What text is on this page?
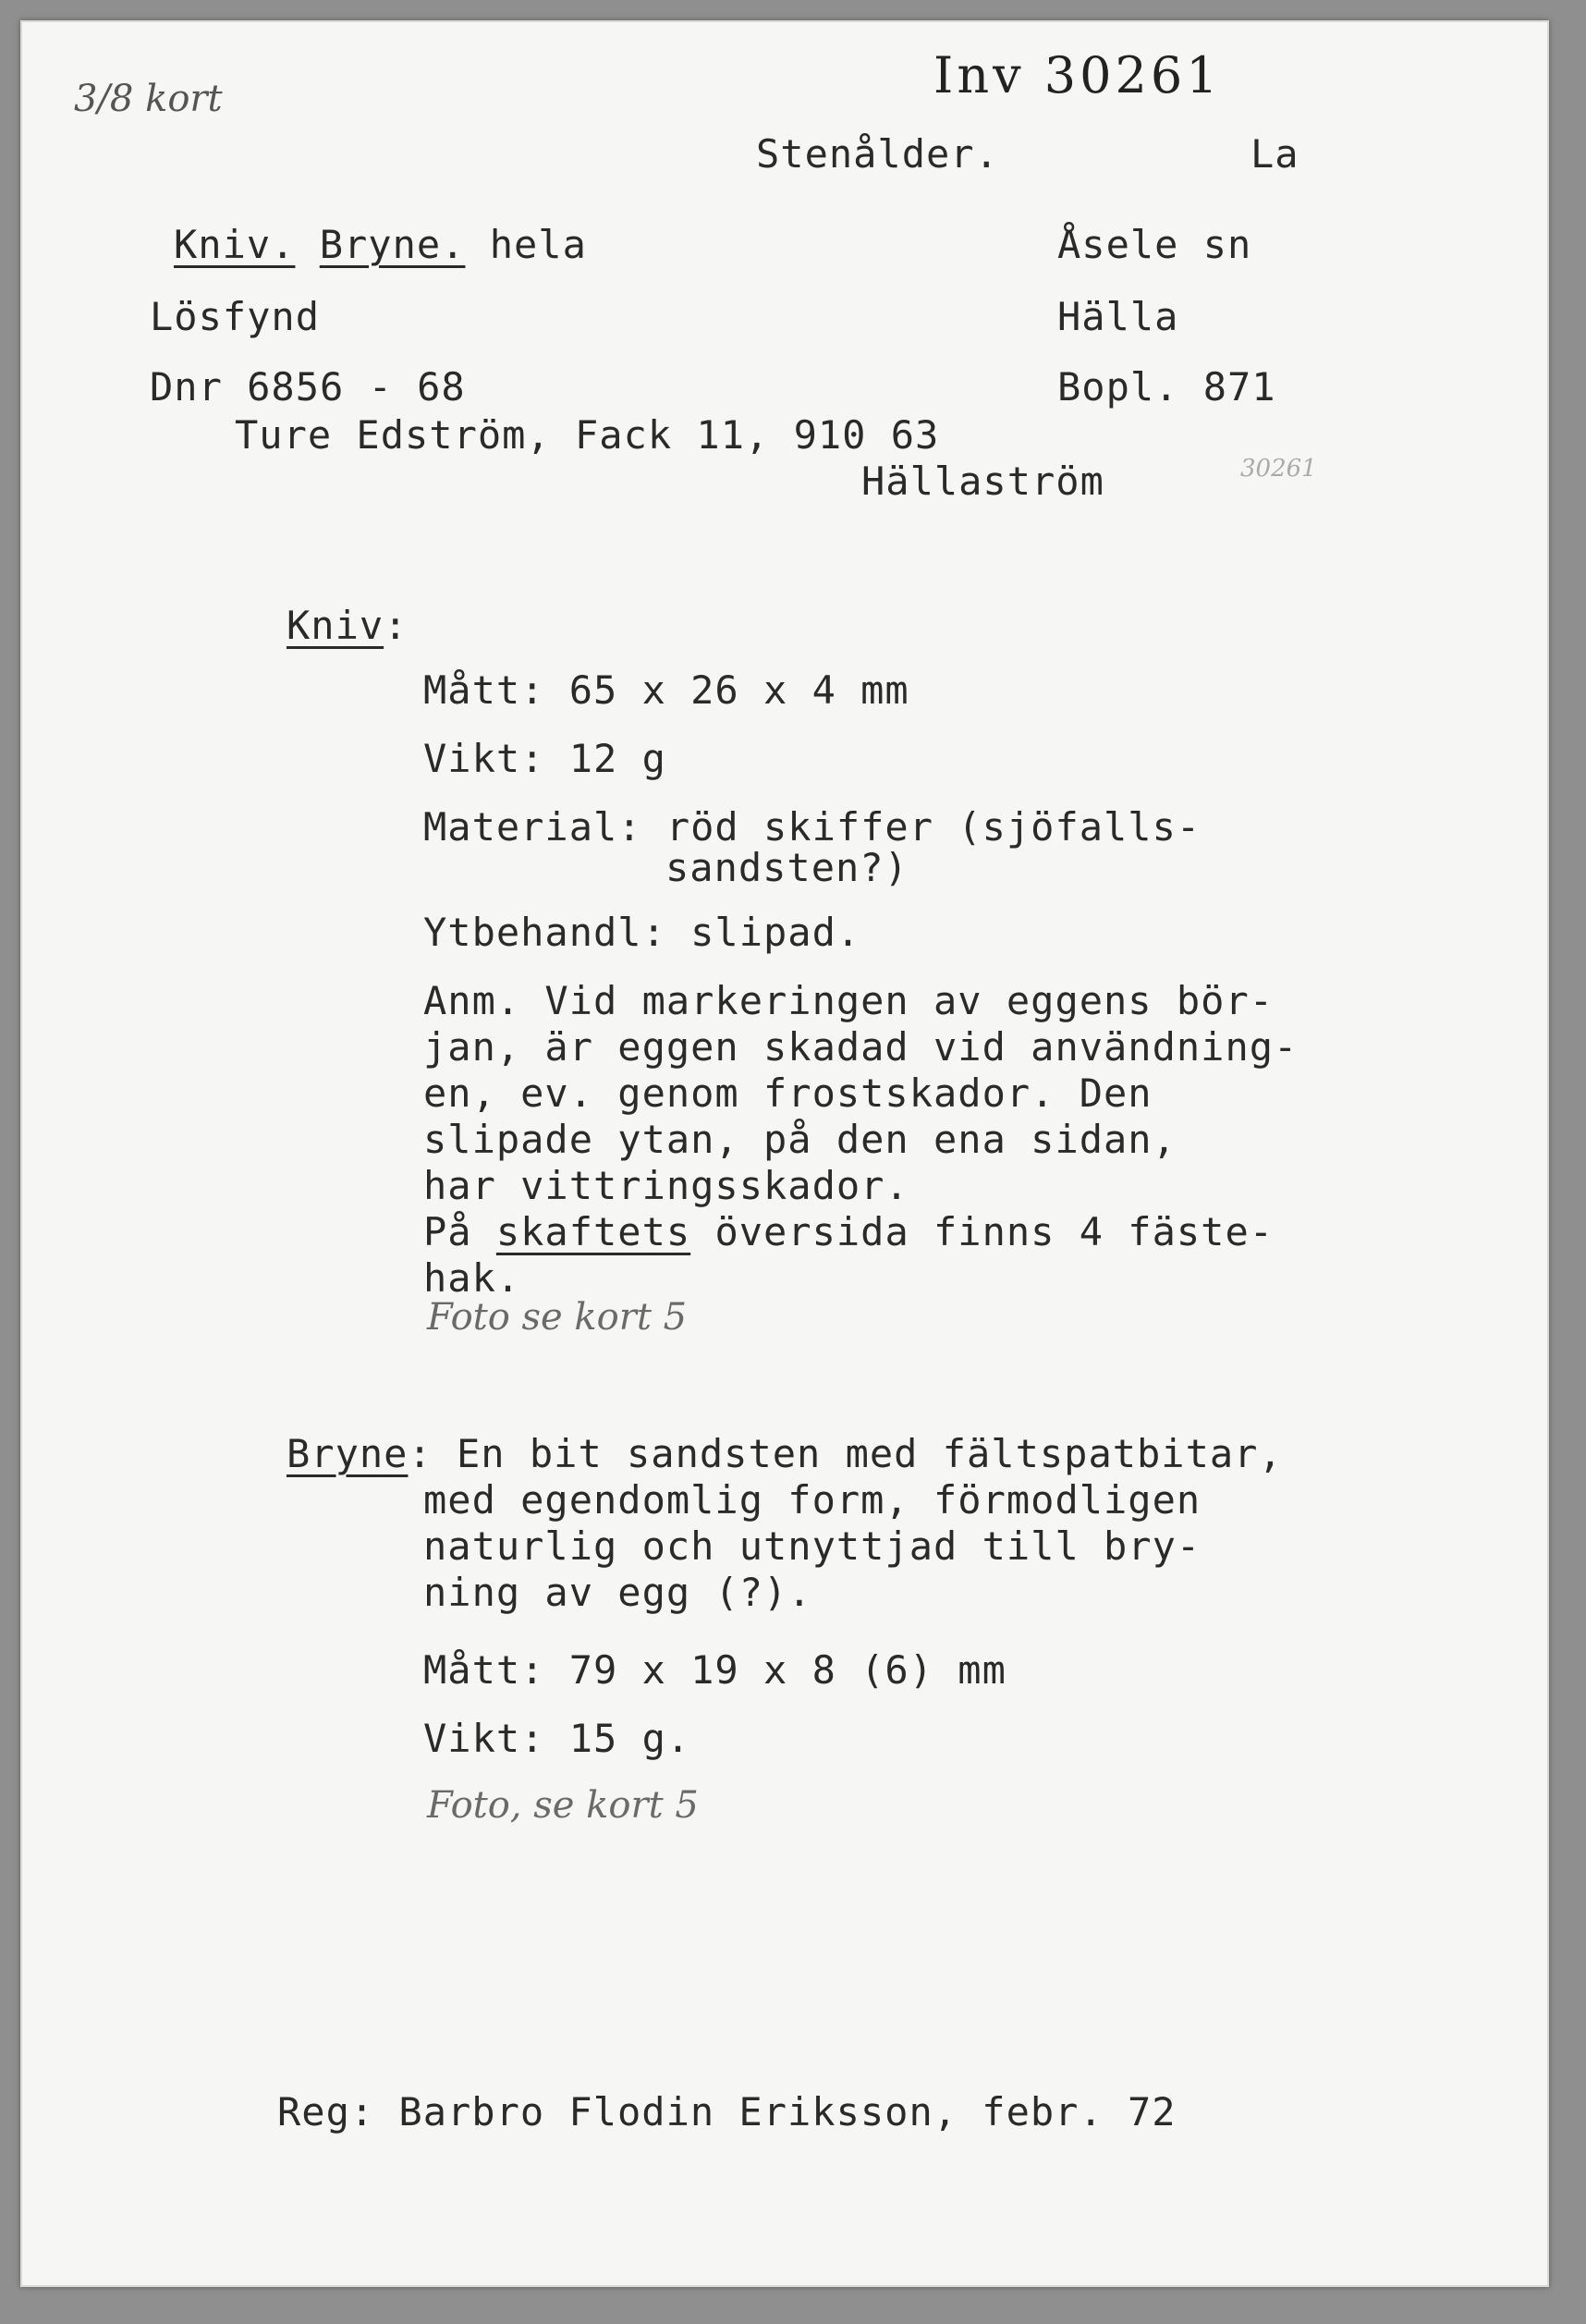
3/8 kort	Inv 30261
30261
Stenålder.	La
Kniv. Bryne. hela	Åsele sn
Lösfynd	Hälla
Dnr 6856 - 68	Bopl. 871
Ture Edström, Fack 11, 910 63
Hällaström
Kniv:
Mått: 65 x 26 x 4 mm
Vikt: 12 g
Material: röd skiffer (sjöfalls-
sandsten?)
Ytbehandl: slipad.
Anm. Vid markeringen av eggens bör-
jan, är eggen skadad vid användning-
en, ev. genom frostskador. Den
slipade ytan, på den ena sidan,
har vittringsskador.
På skaftets översida finns 4 fäste-
hak.
Foto se kort 5
Bryne: En bit sandsten med fältspatbitar,
med egendomlig form, förmodligen
naturlig och utnyttjad till bry-
ning av egg (?).
Mått: 79 x 19 x 8 (6) mm
Vikt: 15 g.
Foto, se kort 5
Reg: Barbro Flodin Eriksson, febr. 72
